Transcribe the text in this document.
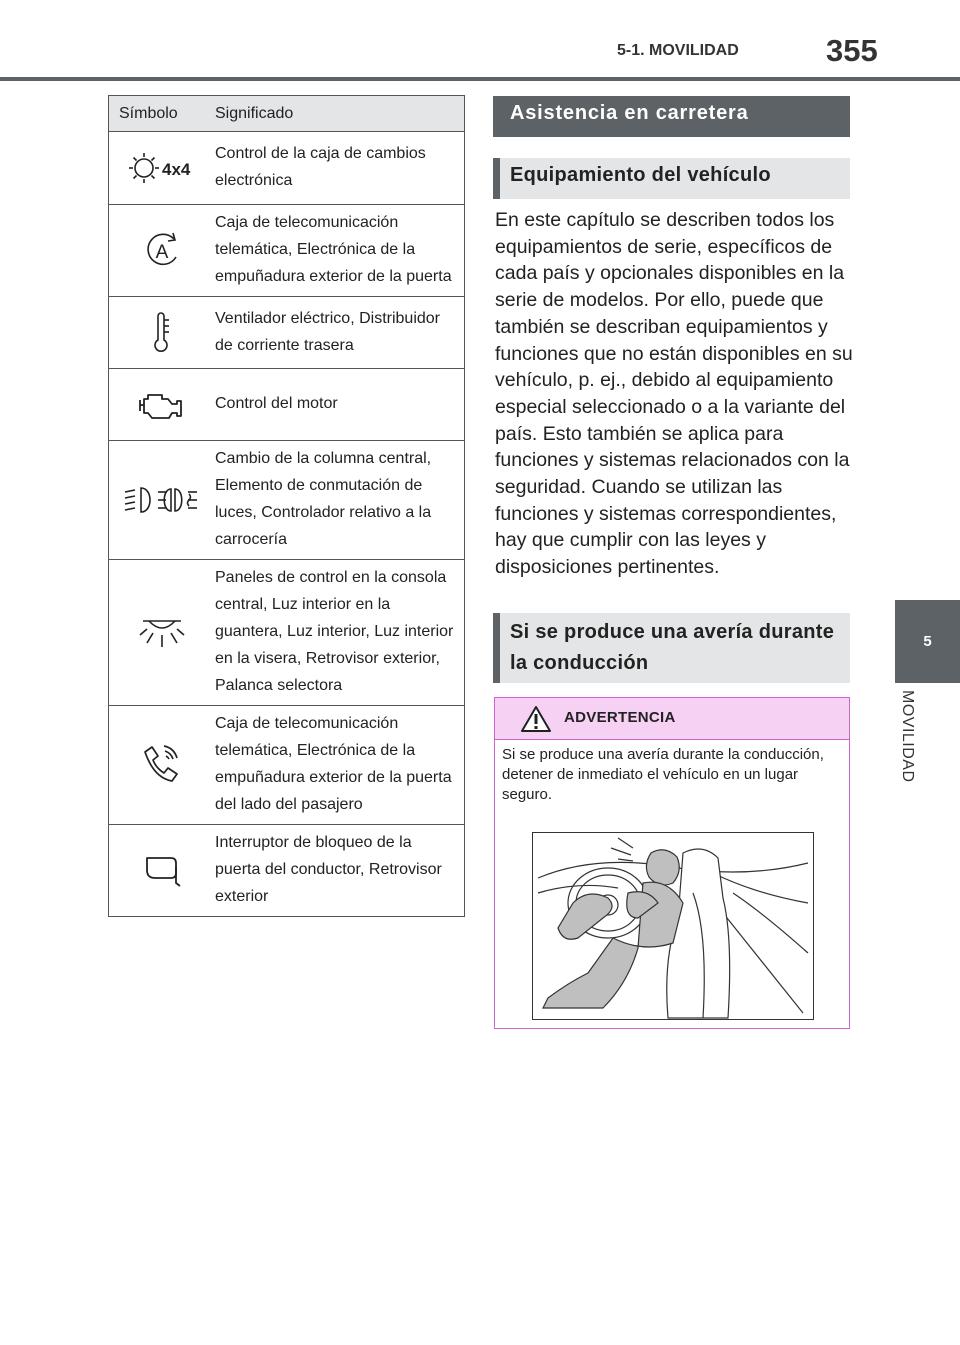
5-1. MOVILIDAD	355
5
MOVILIDAD
Símbolo	Significado

4x4	Control de la caja de cambios electrónica

A	Caja de telecomunicación telemática, Electrónica de la empuñadura exterior de la puerta
	Ventilador eléctrico, Distribuidor de corriente trasera
	Control del motor
	Cambio de la columna central, Elemento de conmutación de luces, Controlador relativo a la carrocería
	Paneles de control en la consola central, Luz interior en la guantera, Luz interior, Luz interior en la visera, Retrovisor exterior, Palanca selectora
	Caja de telecomunicación telemática, Electrónica de la empuñadura exterior de la puerta del lado del pasajero
	Interruptor de bloqueo de la puerta del conductor, Retrovisor exterior
Asistencia en carretera
Equipamiento del vehículo
En este capítulo se describen todos los equipamientos de serie, específicos de cada país y opcionales disponibles en la serie de modelos. Por ello, puede que también se describan equipamientos y funciones que no están disponibles en su vehículo, p. ej., debido al equipamiento especial seleccionado o a la variante del país. Esto también se aplica para funciones y sistemas relacionados con la seguridad. Cuando se utilizan las funciones y sistemas correspondientes, hay que cumplir con las leyes y disposiciones pertinentes.
Si se produce una avería durante la conducción
ADVERTENCIA
Si se produce una avería durante la conducción, detener de inmediato el vehículo en un lugar seguro.
